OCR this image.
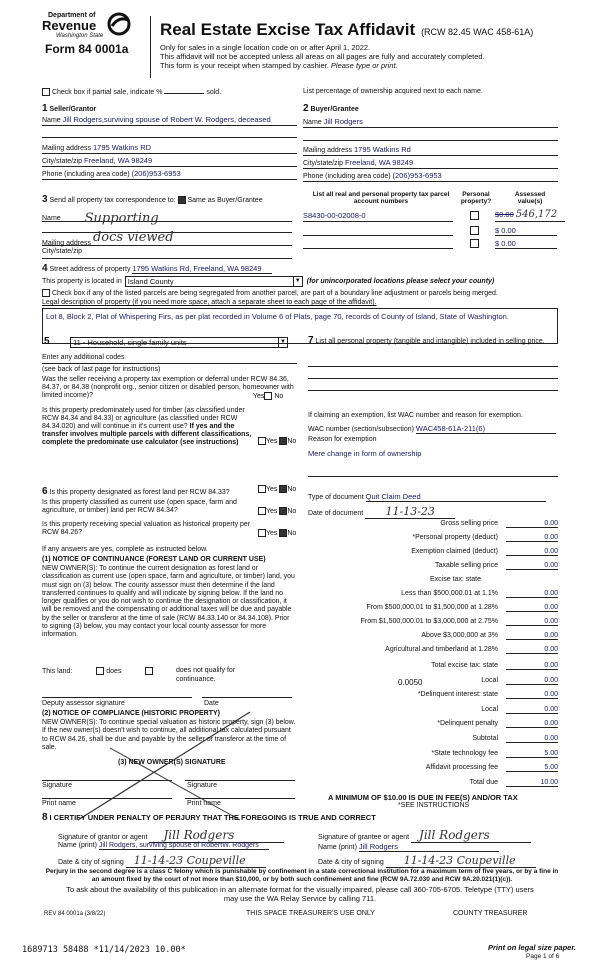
Department of
Revenue
Washington State
Form 84 0001a
Real Estate Excise Tax Affidavit (RCW 82.45 WAC 458-61A)
Only for sales in a single location code on or after April 1, 2022.
This affidavit will not be accepted unless all areas on all pages are fully and accurately completed.
This form is your receipt when stamped by cashier. Please type or print.
Check box if partial sale, indicate %	sold.	List percentage of ownership acquired next to each name.
1 Seller/Grantor
Name Jill Rodgers,surviving spouse of Robert W. Rodgers, deceased
Mailing address 1795 Watkins RD
City/state/zip Freeland, WA 98249
Phone (including area code) (206)953-6953
2 Buyer/Grantee
Name Jill Rodgers
Mailing address 1795 Watkins Rd
City/state/zip Freeland, WA 98249
Phone (including area code) (206)953-6953
3 Send all property tax correspondence to: Same as Buyer/Grantee
Name Supporting
Mailing address docs viewed
City/state/zip
List all real and personal property tax parcel account numbers
Personal property?
Assessed value(s)
S8430-00-02008-0	$0.00 546,172
$ 0.00
$ 0.00
4 Street address of property 1795 Watkins Rd, Freeland, WA 98249
This property is located in Island County	▼ (for unincorporated locations please select your county)
Check box if any of the listed parcels are being segregated from another parcel, are part of a boundary line adjustment or parcels being merged.
Legal description of property (if you need more space, attach a separate sheet to each page of the affidavit).
Lot 8, Block 2, Plat of Whispering Firs, as per plat recorded in Volume 6 of Plats, page 70, records of County of Island, State of Washington.
5	11 - Household, single family units	▼
Enter any additional codes
(see back of last page for instructions)
Was the seller receiving a property tax exemption or deferral under RCW 84.36, 84.37, or 84.38 (nonprofit org., senior citizen or disabled person, homeowner with limited income)?	Yes No
Is this property predominately used for timber (as classified under RCW 84.34 and 84.33) or agriculture (as classified under RCW 84.34.020) and will continue in it's current use? If yes and the transfer involves multiple parcels with different classifications, complete the predominate use calculator (see instructions)	Yes No
6 Is this property designated as forest land per RCW 84.33?	Yes No
Is this property classified as current use (open space, farm and agriculture, or timber) land per RCW 84.34?	Yes No
Is this property receiving special valuation as historical property per RCW 84.26?	Yes No
If any answers are yes, complete as instructed below.
(1) NOTICE OF CONTINUANCE (FOREST LAND OR CURRENT USE)
NEW OWNER(S): To continue the current designation as forest land or classification as current use (open space, farm and agriculture, or timber) land, you must sign on (3) below. The county assessor must then determine if the land transferred continues to qualify and will indicate by signing below. If the land no longer qualifies or you do not wish to continue the designation or classification, it will be removed and the compensating or additional taxes will be due and payable by the seller or transferor at the time of sale (RCW 84.33.140 or 84.34.108). Prior to signing (3) below, you may contact your local county assessor for more information.
This land:	does	does not qualify for continuance.
Deputy assessor signature	Date
(2) NOTICE OF COMPLIANCE (HISTORIC PROPERTY)
NEW OWNER(S): To continue special valuation as historic property, sign (3) below. If the new owner(s) doesn't wish to continue, all additional tax calculated pursuant to RCW 84.26, shall be due and payable by the seller or transferor at the time of sale.
(3) NEW OWNER(S) SIGNATURE
Signature	Signature
Print name	Print name
7 List all personal property (tangible and intangible) included in selling price.
If claiming an exemption, list WAC number and reason for exemption.
WAC number (section/subsection) WAC458-61A-211(6)
Reason for exemption
Mere change in form of ownership
Type of document Quit Claim Deed
Date of document 11-13-23
Gross selling price	0.00
*Personal property (deduct)	0.00
Exemption claimed (deduct)	0.00
Taxable selling price	0.00
Excise tax: state
Less than $500,000.01 at 1.1%	0.00
From $500,000.01 to $1,500,000 at 1.28%	0.00
From $1,500,000.01 to $3,000,000 at 2.75%	0.00
Above $3,000,000 at 3%	0.00
Agricultural and timberland at 1.28%	0.00
Total excise tax: state	0.00
0.0050	Local	0.00
*Delinquent interest: state	0.00
Local	0.00
*Delinquent penalty	0.00
Subtotal	0.00
*State technology fee	5.00
Affidavit processing fee	5.00
Total due	10.00
A MINIMUM OF $10.00 IS DUE IN FEE(S) AND/OR TAX
*SEE INSTRUCTIONS
8 I CERTIFY UNDER PENALTY OF PERJURY THAT THE FOREGOING IS TRUE AND CORRECT
Signature of grantor or agent Jill Rodgers
Name (print) Jill Rodgers, surviving spouse of RobertW. Rodgers
Date & city of signing 11-14-23 Coupeville
Signature of grantee or agent Jill Rodgers
Name (print) Jill Rodgers
Date & city of signing 11-14-23 Coupeville
Perjury in the second degree is a class C felony which is punishable by confinement in a state correctional institution for a maximum term of five years, or by a fine in an amount fixed by the court of not more than $10,000, or by both such confinement and fine (RCW 9A.72.030 and RCW 9A.20.021(1)(c)).
To ask about the availability of this publication in an alternate format for the visually impaired, please call 360-705-6705. Teletype (TTY) users may use the WA Relay Service by calling 711.
REV 84 0001a (3/8/22)	THIS SPACE TREASURER'S USE ONLY	COUNTY TREASURER
1689713 58488 *11/14/2023 10.00*	Print on legal size paper.
Page 1 of 6
